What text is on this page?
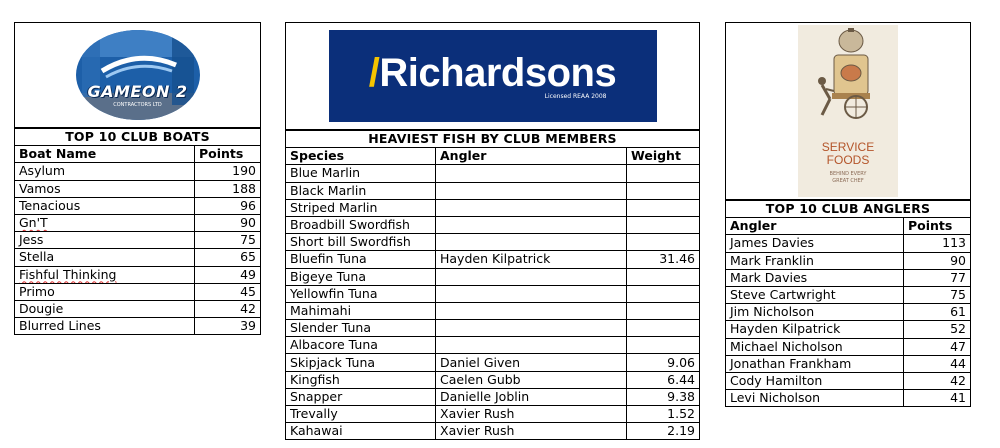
GAMEON 2
CONTRACTORS LTD
TOP 10 CLUB BOATS	
Boat Name	Points
Asylum	190
Vamos	188
Tenacious	96
Gn'T	90
Jess	75
Stella	65
Fishful Thinking	49
Primo	45
Dougie	42
Blurred Lines	39
/Richardsons
Licensed REAA 2008
HEAVIEST FISH BY CLUB MEMBERS		
Species	Angler	Weight
Blue Marlin		
Black Marlin		
Striped Marlin		
Broadbill Swordfish		
Short bill Swordfish		
Bluefin Tuna	Hayden Kilpatrick	31.46
Bigeye Tuna		
Yellowfin Tuna		
Mahimahi		
Slender Tuna		
Albacore Tuna		
Skipjack Tuna	Daniel Given	9.06
Kingfish	Caelen Gubb	6.44
Snapper	Danielle Joblin	9.38
Trevally	Xavier Rush	1.52
Kahawai	Xavier Rush	2.19
SERVICE
FOODS
BEHIND EVERY
GREAT CHEF
TOP 10 CLUB ANGLERS	
Angler	Points
James Davies	113
Mark Franklin	90
Mark Davies	77
Steve Cartwright	75
Jim Nicholson	61
Hayden Kilpatrick	52
Michael Nicholson	47
Jonathan Frankham	44
Cody Hamilton	42
Levi Nicholson	41
